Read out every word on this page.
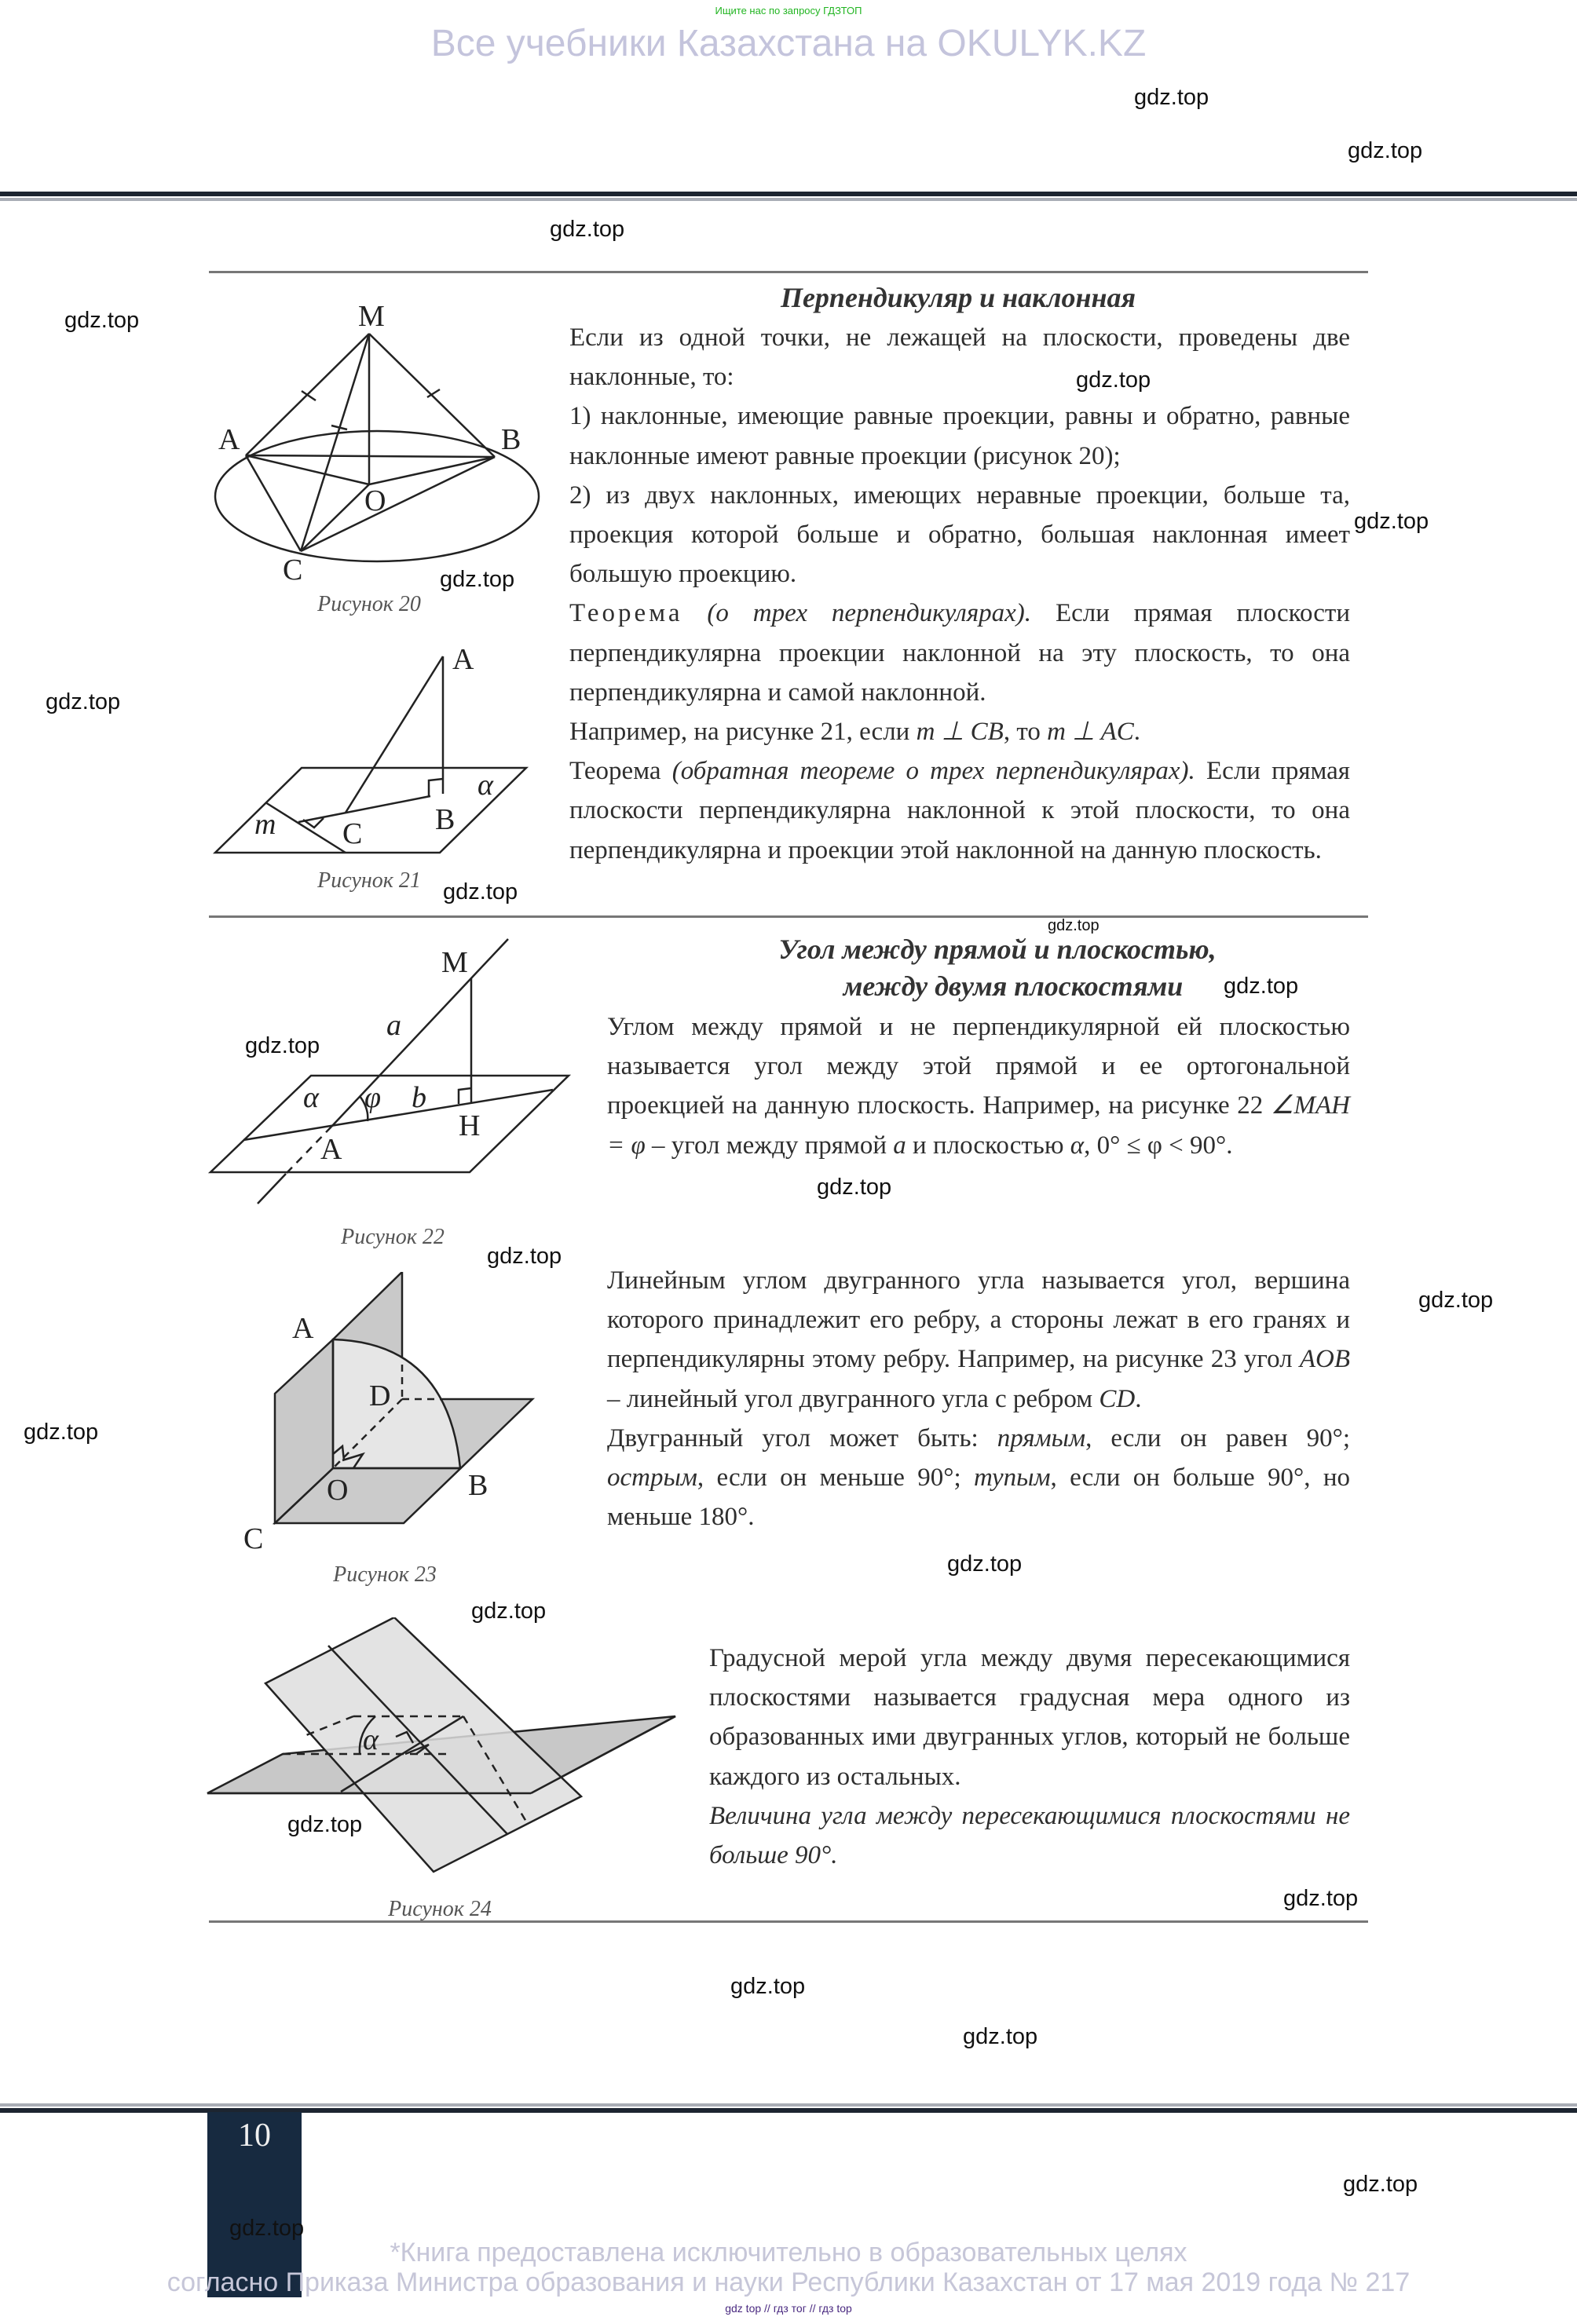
Ищите нас по запросу ГДЗТОП
Все учебники Казахстана на OKULYK.KZ
Перпендикуляр и наклонная

Если из одной точки, не лежащей на плоскости, проведены две наклонные, то:

1) наклонные, имеющие равные проекции, равны и обратно, равные наклонные имеют равные проекции (рисунок 20);

2) из двух наклонных, имеющих неравные проекции, больше та, проекция которой больше и обратно, большая наклонная имеет большую проекцию.

Теорема (о трех перпендикулярах). Если прямая плоскости перпендикулярна проекции наклонной на эту плоскость, то она перпендикулярна и самой наклонной.

Например, на рисунке 21, если m ⊥ CB, то m ⊥ AC.

Теорема (обратная теореме о трех перпендикулярах). Если прямая плоскости перпендикулярна наклонной к этой плоскости, то она перпендикулярна и проекции этой наклонной на данную плоскость.

Угол между прямой и плоскостью,
между двумя плоскостями

Углом между прямой и не перпендикулярной ей плоскостью называется угол между этой прямой и ее ортогональной проекцией на данную плоскость. Например, на рисунке 22 ∠MAH = φ – угол между прямой a и плоскостью α, 0° ≤ φ < 90°.

Линейным углом двугранного угла называется угол, вершина которого принадлежит его ребру, а стороны лежат в его гранях и перпендикулярны этому ребру. Например, на рисунке 23 угол AOB – линейный угол двугранного угла с ребром CD.

Двугранный угол может быть: прямым, если он равен 90°; острым, если он меньше 90°; тупым, если он больше 90°, но меньше 180°.

Градусной мерой угла между двумя пересекающимися плоскостями называется градусная мера одного из образованных ими двугранных углов, который не больше каждого из остальных.

Величина угла между пересекающимися плоскостями не больше 90°.

M
A	B
O
C
Рисунок 20
A
α
B
m C
Рисунок 21
M
a
α φ b
H
A
Рисунок 22
A
D
O	B
C
Рисунок 23
α
Рисунок 24
gdz.top
gdz.top
gdz.top
gdz.top
gdz.top
gdz.top
gdz.top
gdz.top
gdz.top
gdz.top
gdz.top
gdz.top
gdz.top
gdz.top
gdz.top
gdz.top
gdz.top
gdz.top
gdz.top
gdz.top
gdz.top
gdz.top
gdz.top
10
gdz.top
*Книга предоставлена исключительно в образовательных целях
согласно Приказа Министра образования и науки Республики Казахстан от 17 мая 2019 года № 217
gdz top // гдз тог // гдз top
